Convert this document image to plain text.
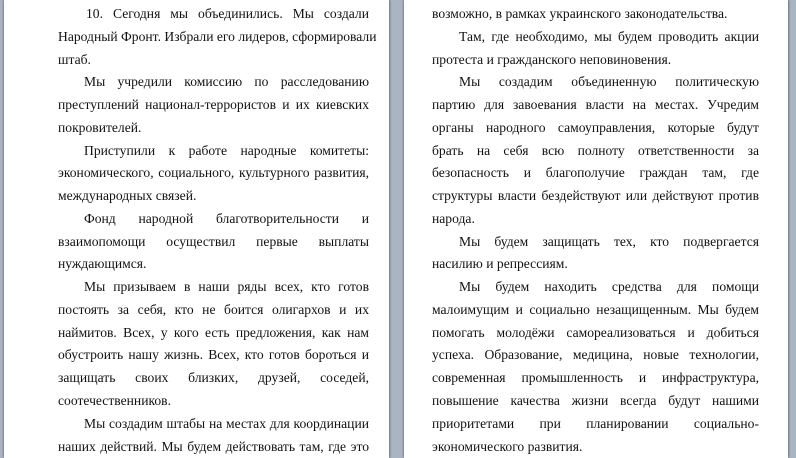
10. Сегодня мы объединились. Мы создали
Народный Фронт. Избрали его лидеров, сформировали
штаб.
Мы учредили комиссию по расследованию
преступлений национал-террористов и их киевских
покровителей.
Приступили к работе народные комитеты:
экономического, социального, культурного развития,
международных связей.
Фонд народной благотворительности и
взаимопомощи осуществил первые выплаты
нуждающимся.
Мы призываем в наши ряды всех, кто готов
постоять за себя, кто не боится олигархов и их
наймитов. Всех, у кого есть предложения, как нам
обустроить нашу жизнь. Всех, кто готов бороться и
защищать своих близких, друзей, соседей,
соотечественников.
Мы создадим штабы на местах для координации
наших действий. Мы будем действовать там, где это
возможно, в рамках украинского законодательства.
Там, где необходимо, мы будем проводить акции
протеста и гражданского неповиновения.
Мы создадим объединенную политическую
партию для завоевания власти на местах. Учредим
органы народного самоуправления, которые будут
брать на себя всю полноту ответственности за
безопасность и благополучие граждан там, где
структуры власти бездействуют или действуют против
народа.
Мы будем защищать тех, кто подвергается
насилию и репрессиям.
Мы будем находить средства для помощи
малоимущим и социально незащищенным. Мы будем
помогать молодёжи самореализоваться и добиться
успеха. Образование, медицина, новые технологии,
современная промышленность и инфраструктура,
повышение качества жизни всегда будут нашими
приоритетами при планировании социально-
экономического развития.
